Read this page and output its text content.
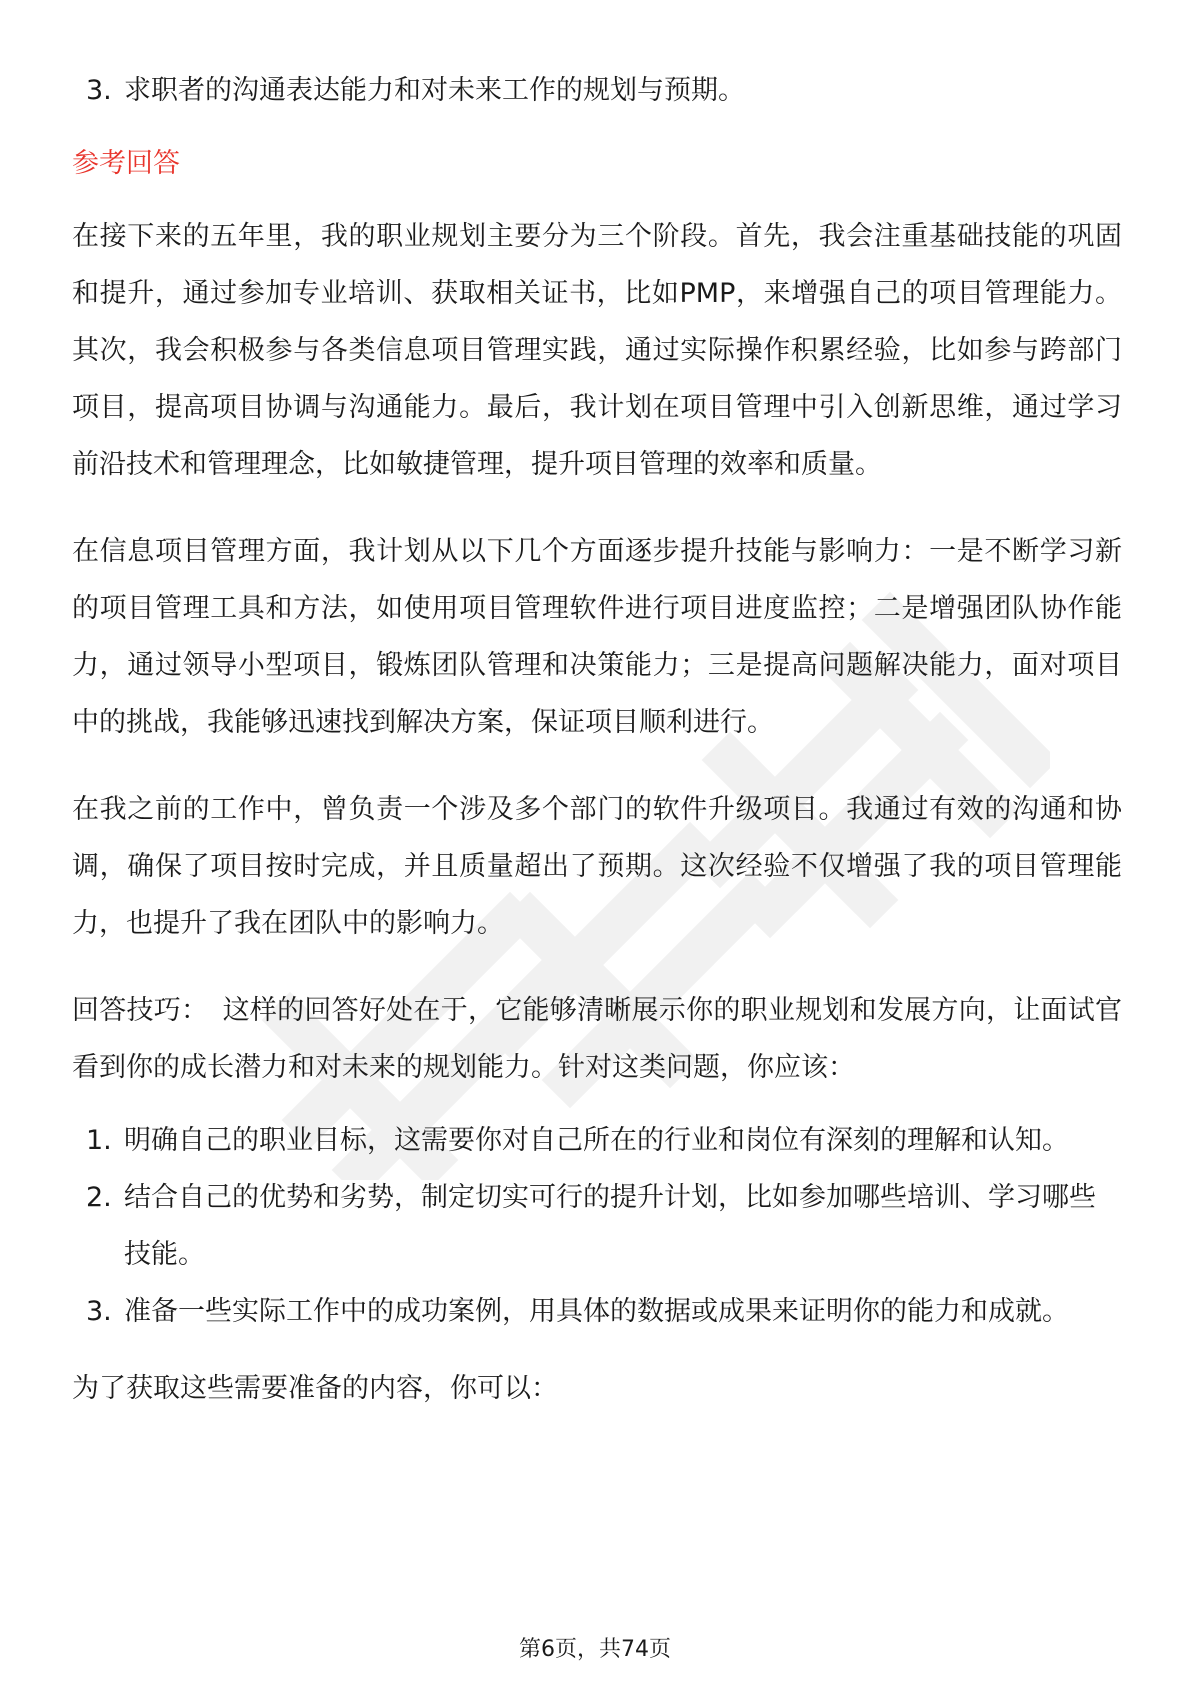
3. 求职者的沟通表达能力和对未来工作的规划与预期。
参考回答

在接下来的五年里，我的职业规划主要分为三个阶段。首先，我会注重基础技能的巩固和提升，通过参加专业培训、获取相关证书，比如PMP，来增强自己的项目管理能力。其次，我会积极参与各类信息项目管理实践，通过实际操作积累经验，比如参与跨部门项目，提高项目协调与沟通能力。最后，我计划在项目管理中引入创新思维，通过学习前沿技术和管理理念，比如敏捷管理，提升项目管理的效率和质量。

在信息项目管理方面，我计划从以下几个方面逐步提升技能与影响力：一是不断学习新的项目管理工具和方法，如使用项目管理软件进行项目进度监控；二是增强团队协作能力，通过领导小型项目，锻炼团队管理和决策能力；三是提高问题解决能力，面对项目中的挑战，我能够迅速找到解决方案，保证项目顺利进行。

在我之前的工作中，曾负责一个涉及多个部门的软件升级项目。我通过有效的沟通和协调，确保了项目按时完成，并且质量超出了预期。这次经验不仅增强了我的项目管理能力，也提升了我在团队中的影响力。

回答技巧： 这样的回答好处在于，它能够清晰展示你的职业规划和发展方向，让面试官看到你的成长潜力和对未来的规划能力。针对这类问题，你应该：

1. 明确自己的职业目标，这需要你对自己所在的行业和岗位有深刻的理解和认知。
2. 结合自己的优势和劣势，制定切实可行的提升计划，比如参加哪些培训、学习哪些技能。
3. 准备一些实际工作中的成功案例，用具体的数据或成果来证明你的能力和成就。
为了获取这些需要准备的内容，你可以：
第6页，共74页
